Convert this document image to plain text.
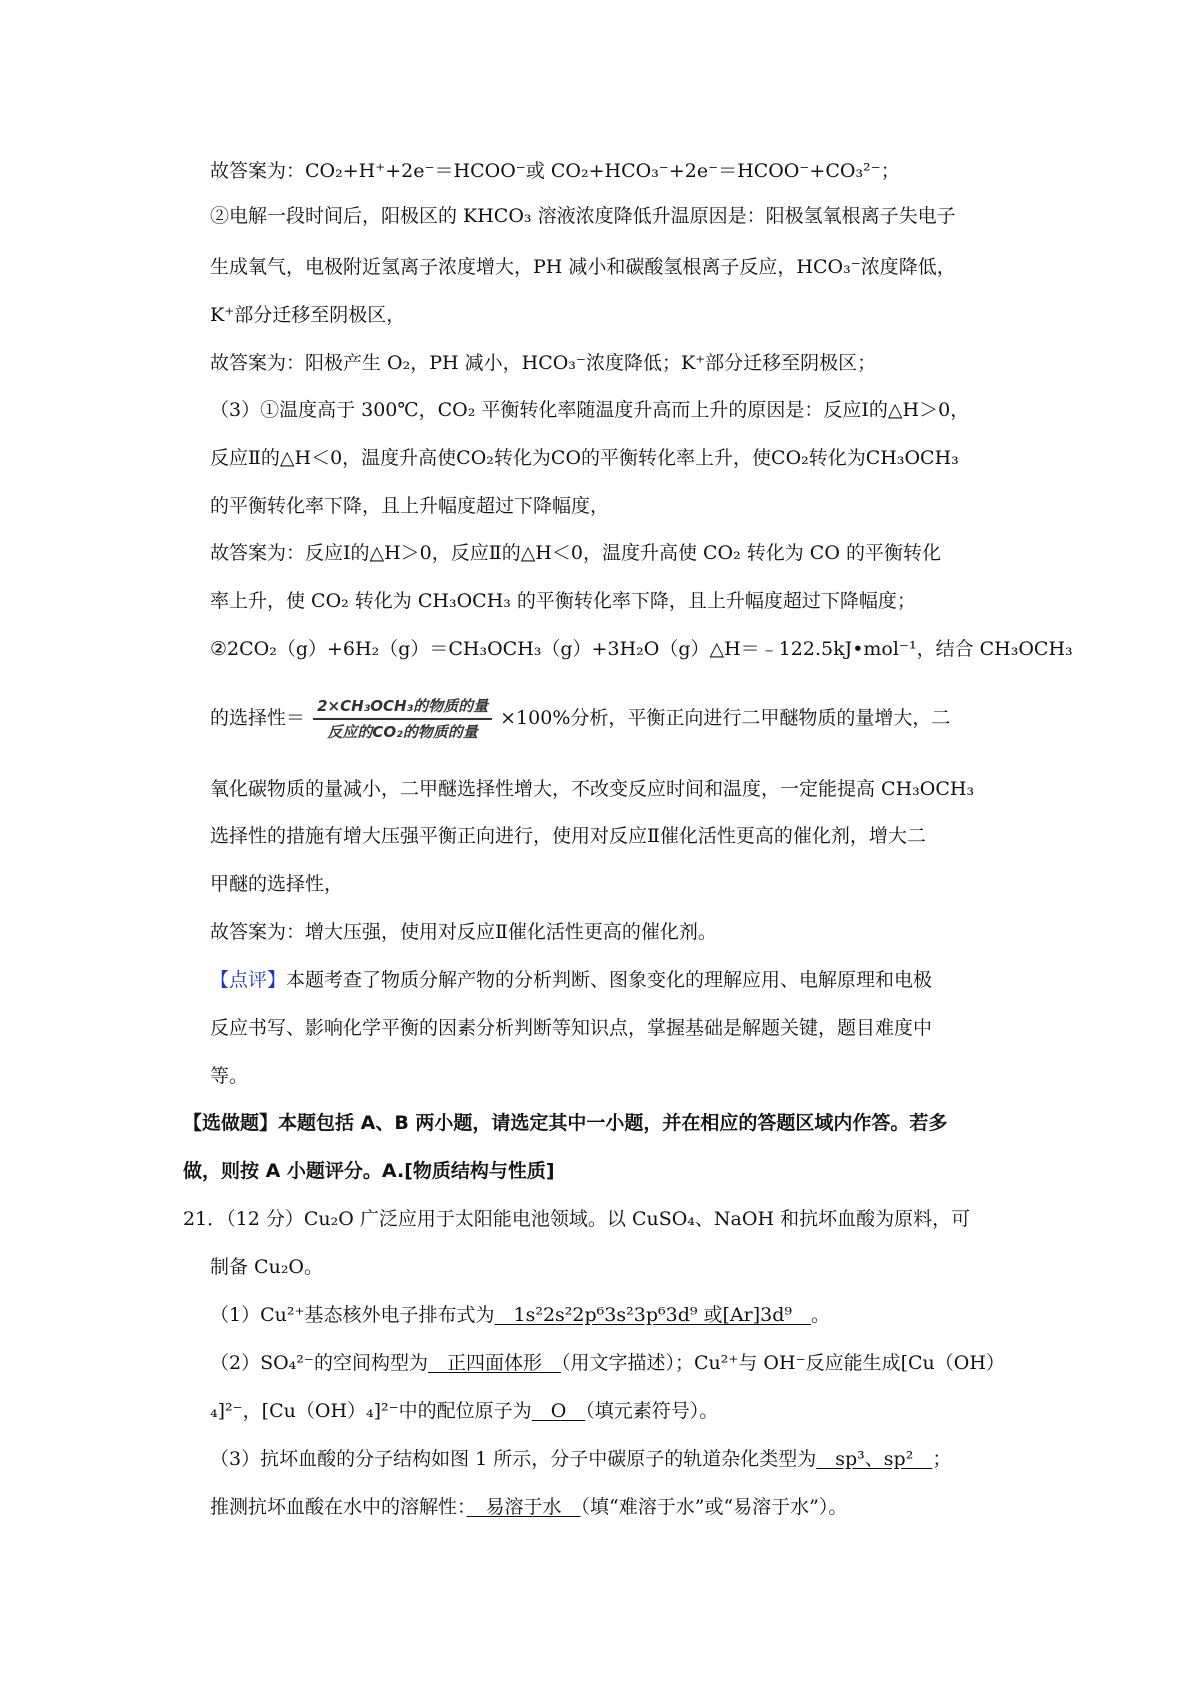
故答案为：CO₂+H⁺+2e⁻＝HCOO⁻或 CO₂+HCO₃⁻+2e⁻＝HCOO⁻+CO₃²⁻；
②电解一段时间后，阳极区的 KHCO₃ 溶液浓度降低升温原因是：阳极氢氧根离子失电子
生成氧气，电极附近氢离子浓度增大，PH 减小和碳酸氢根离子反应，HCO₃⁻浓度降低，
K⁺部分迁移至阴极区，
故答案为：阳极产生 O₂，PH 减小，HCO₃⁻浓度降低；K⁺部分迁移至阴极区；
（3）①温度高于 300℃，CO₂ 平衡转化率随温度升高而上升的原因是：反应Ⅰ的△H＞0，
反应Ⅱ的△H＜0，温度升高使CO₂转化为CO的平衡转化率上升，使CO₂转化为CH₃OCH₃
的平衡转化率下降，且上升幅度超过下降幅度，
故答案为：反应Ⅰ的△H＞0，反应Ⅱ的△H＜0，温度升高使 CO₂ 转化为 CO 的平衡转化
率上升，使 CO₂ 转化为 CH₃OCH₃ 的平衡转化率下降，且上升幅度超过下降幅度；
②2CO₂（g）+6H₂（g）＝CH₃OCH₃（g）+3H₂O（g）△H＝﹣122.5kJ•mol⁻¹，结合 CH₃OCH₃
的选择性＝ $\frac{\text{2×CH₃OCH₃的物质的量}}{\text{反应的CO₂的物质的量}} \times 100\%$分析，平衡正向进行二甲醚物质的量增大，二
氧化碳物质的量减小，二甲醚选择性增大，不改变反应时间和温度，一定能提高 CH₃OCH₃
选择性的措施有增大压强平衡正向进行，使用对反应Ⅱ催化活性更高的催化剂，增大二
甲醚的选择性，
故答案为：增大压强，使用对反应Ⅱ催化活性更高的催化剂。
【点评】本题考查了物质分解产物的分析判断、图象变化的理解应用、电解原理和电极
反应书写、影响化学平衡的因素分析判断等知识点，掌握基础是解题关键，题目难度中
等。
【选做题】本题包括 A、B 两小题，请选定其中一小题，并在相应的答题区域内作答。若多
做，则按 A 小题评分。A.[物质结构与性质]
21．（12 分）Cu₂O 广泛应用于太阳能电池领域。以 CuSO₄、NaOH 和抗坏血酸为原料，可
制备 Cu₂O。
（1）Cu²⁺基态核外电子排布式为　1s²2s²2p⁶3s²3p⁶3d⁹ 或[Ar]3d⁹　。
（2）SO₄²⁻的空间构型为　正四面体形　（用文字描述）；Cu²⁺与 OH⁻反应能生成[Cu（OH）
₄]²⁻，[Cu（OH）₄]²⁻中的配位原子为　O　（填元素符号）。
（3）抗坏血酸的分子结构如图 1 所示，分子中碳原子的轨道杂化类型为　sp³、sp²　；
推测抗坏血酸在水中的溶解性：　易溶于水　（填“难溶于水”或“易溶于水”）。
